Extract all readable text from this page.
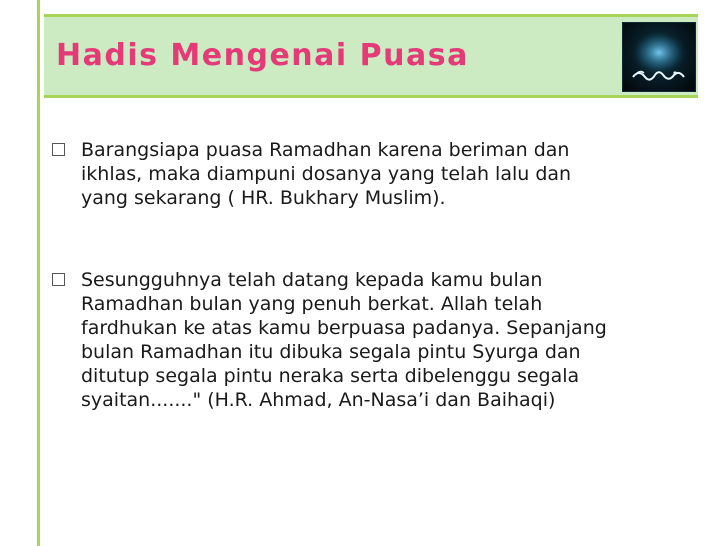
Hadis Mengenai Puasa
Barangsiapa puasa Ramadhan karena beriman dan
ikhlas, maka diampuni dosanya yang telah lalu dan
yang sekarang ( HR. Bukhary Muslim).
Sesungguhnya telah datang kepada kamu bulan
Ramadhan bulan yang penuh berkat. Allah telah
fardhukan ke atas kamu berpuasa padanya. Sepanjang
bulan Ramadhan itu dibuka segala pintu Syurga dan
ditutup segala pintu neraka serta dibelenggu segala
syaitan......." (H.R. Ahmad, An-Nasa’i dan Baihaqi)
